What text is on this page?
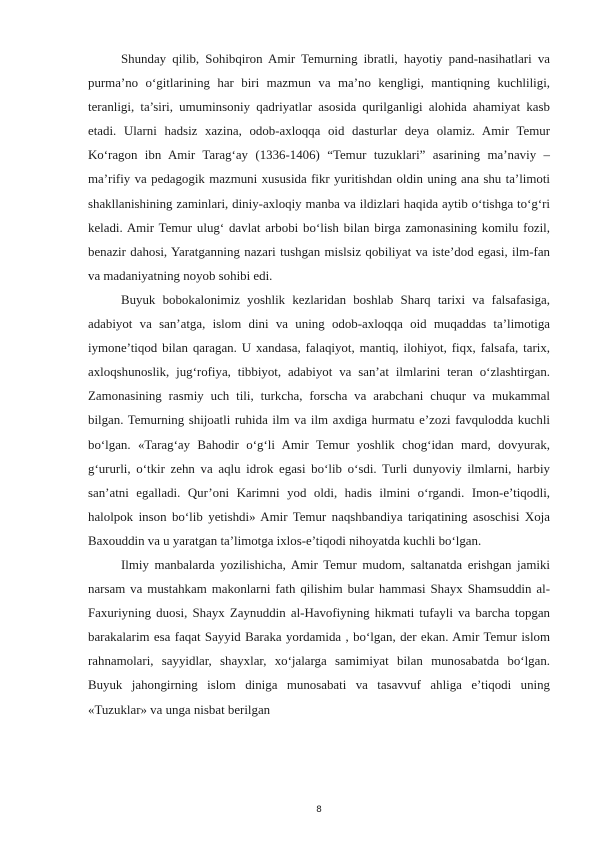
Shunday qilib, Sohibqiron Amir Temurning ibratli, hayotiy pand-nasihatlari va purma’no o‘gitlarining har biri mazmun va ma’no kengligi, mantiqning kuchliligi, teranligi, ta’siri, umuminsoniy qadriyatlar asosida qurilganligi alohida ahamiyat kasb etadi. Ularni hadsiz xazina, odob-axloqqa oid dasturlar deya olamiz. Amir Temur Ko‘ragon ibn Amir Tarag‘ay (1336-1406) “Temur tuzuklari” asarining ma’naviy – ma’rifiy va pedagogik mazmuni xususida fikr yuritishdan oldin uning ana shu ta’limoti shakllanishining zaminlari, diniy-axloqiy manba va ildizlari haqida aytib o‘tishga to‘g‘ri keladi. Amir Temur ulug‘ davlat arbobi bo‘lish bilan birga zamonasining komilu fozil, benazir dahosi, Yaratganning nazari tushgan mislsiz qobiliyat va iste’dod egasi, ilm-fan va madaniyatning noyob sohibi edi.

Buyuk bobokalonimiz yoshlik kezlaridan boshlab Sharq tarixi va falsafasiga, adabiyot va san’atga, islom dini va uning odob-axloqqa oid muqaddas ta’limotiga iymone’tiqod bilan qaragan. U xandasa, falaqiyot, mantiq, ilohiyot, fiqx, falsafa, tarix, axloqshunoslik, jug‘rofiya, tibbiyot, adabiyot va san’at ilmlarini teran o‘zlashtirgan. Zamonasining rasmiy uch tili, turkcha, forscha va arabchani chuqur va mukammal bilgan. Temurning shijoatli ruhida ilm va ilm axdiga hurmatu e’zozi favqulodda kuchli bo‘lgan. «Tarag‘ay Bahodir o‘g‘li Amir Temur yoshlik chog‘idan mard, dovyurak, g‘ururli, o‘tkir zehn va aqlu idrok egasi bo‘lib o‘sdi. Turli dunyoviy ilmlarni, harbiy san’atni egalladi. Qur’oni Karimni yod oldi, hadis ilmini o‘rgandi. Imon-e’tiqodli, halolpok inson bo‘lib yetishdi» Amir Temur naqshbandiya tariqatining asoschisi Xoja Baxouddin va u yaratgan ta’limotga ixlos-e’tiqodi nihoyatda kuchli bo‘lgan.

Ilmiy manbalarda yozilishicha, Amir Temur mudom, saltanatda erishgan jamiki narsam va mustahkam makonlarni fath qilishim bular hammasi Shayx Shamsuddin al-Faxuriyning duosi, Shayx Zaynuddin al-Havofiyning hikmati tufayli va barcha topgan barakalarim esa faqat Sayyid Baraka yordamida , bo‘lgan, der ekan. Amir Temur islom rahnamolari, sayyidlar, shayxlar, xo‘jalarga samimiyat bilan munosabatda bo‘lgan. Buyuk jahongirning islom diniga munosabati va tasavvuf ahliga e’tiqodi uning «Tuzuklar» va unga nisbat berilgan

8
